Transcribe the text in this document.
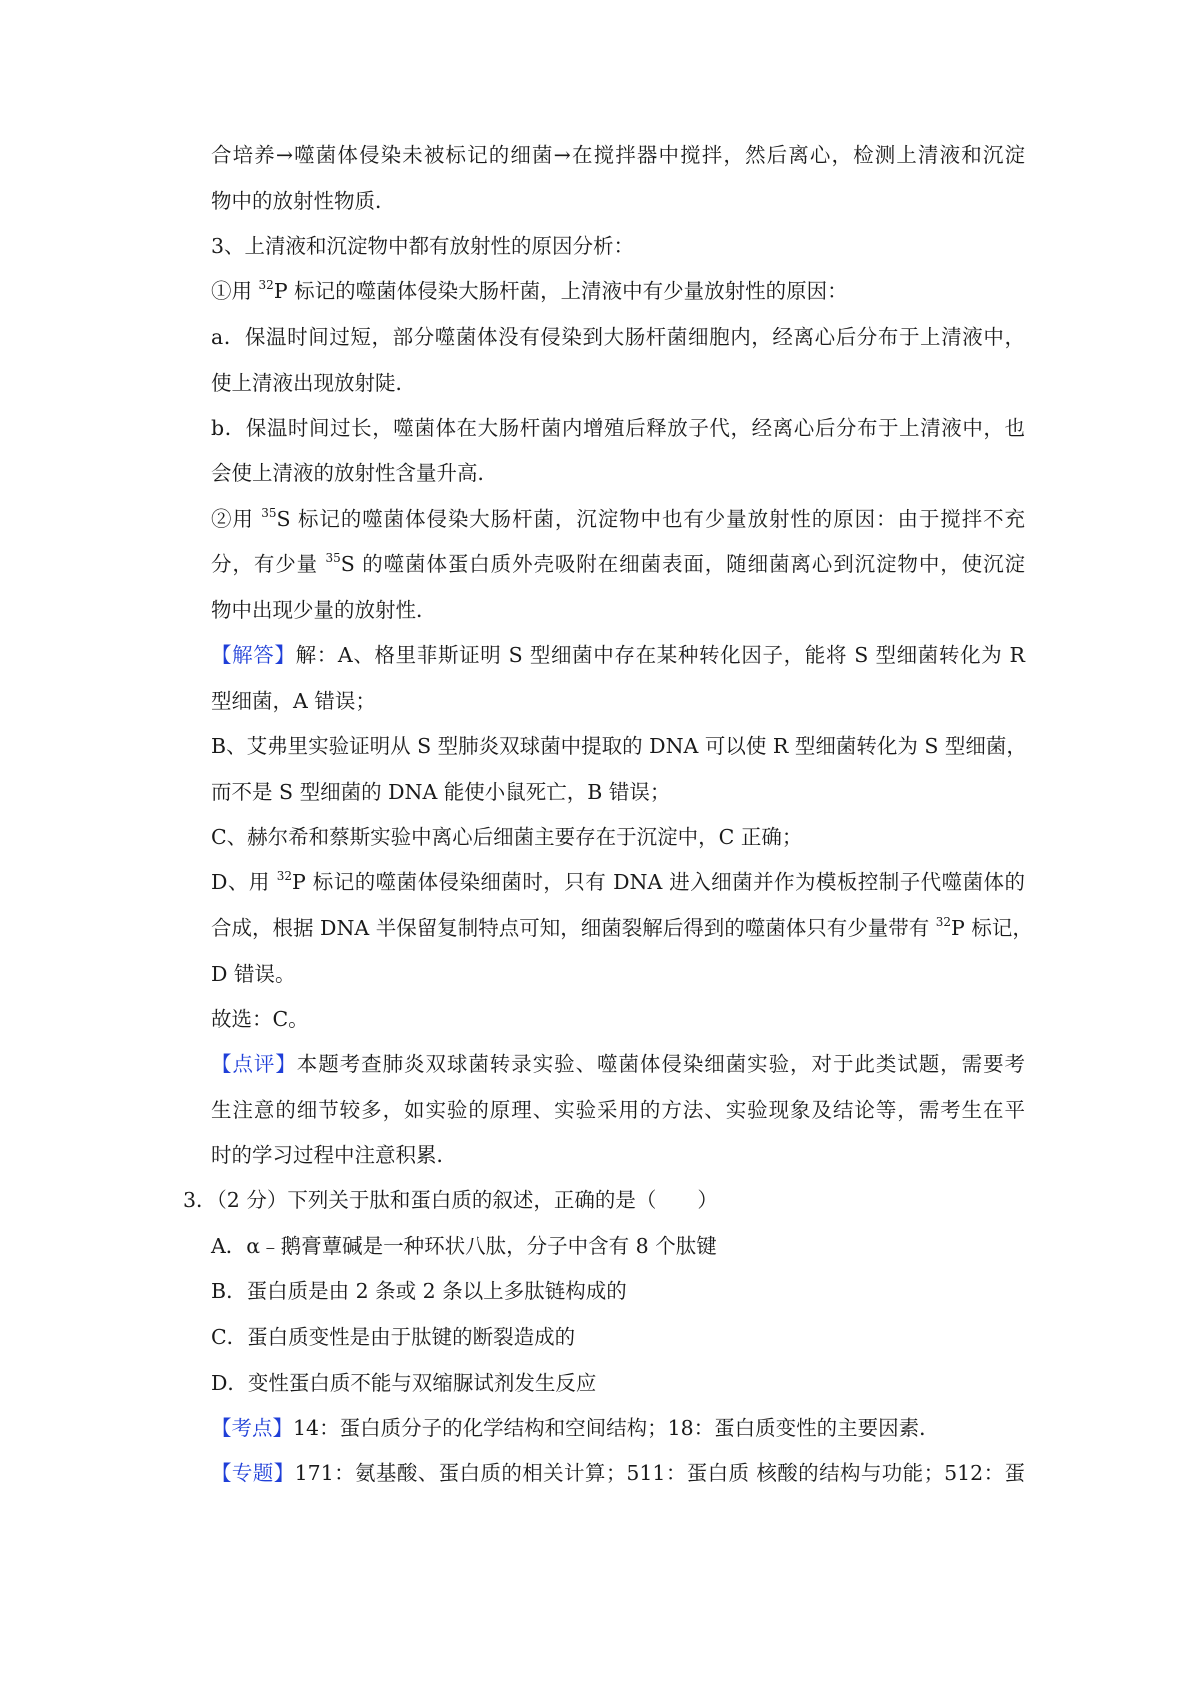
合培养→噬菌体侵染未被标记的细菌→在搅拌器中搅拌，然后离心，检测上清液和沉淀
物中的放射性物质．
3、上清液和沉淀物中都有放射性的原因分析：
①用 $^{32}$P 标记的噬菌体侵染大肠杆菌，上清液中有少量放射性的原因：
a．保温时间过短，部分噬菌体没有侵染到大肠杆菌细胞内，经离心后分布于上清液中，
使上清液出现放射陡．
b．保温时间过长，噬菌体在大肠杆菌内增殖后释放子代，经离心后分布于上清液中，也
会使上清液的放射性含量升高．
②用 $^{35}$S 标记的噬菌体侵染大肠杆菌，沉淀物中也有少量放射性的原因：由于搅拌不充
分，有少量 $^{35}$S 的噬菌体蛋白质外壳吸附在细菌表面，随细菌离心到沉淀物中，使沉淀
物中出现少量的放射性．
【解答】解：A、格里菲斯证明 S 型细菌中存在某种转化因子，能将 S 型细菌转化为 R
型细菌，A 错误；
B、艾弗里实验证明从 S 型肺炎双球菌中提取的 DNA 可以使 R 型细菌转化为 S 型细菌，
而不是 S 型细菌的 DNA 能使小鼠死亡，B 错误；
C、赫尔希和蔡斯实验中离心后细菌主要存在于沉淀中，C 正确；
D、用 $^{32}$P 标记的噬菌体侵染细菌时，只有 DNA 进入细菌并作为模板控制子代噬菌体的
合成，根据 DNA 半保留复制特点可知，细菌裂解后得到的噬菌体只有少量带有 $^{32}$P 标记，
D 错误。
故选：C。
【点评】本题考查肺炎双球菌转录实验、噬菌体侵染细菌实验，对于此类试题，需要考
生注意的细节较多，如实验的原理、实验采用的方法、实验现象及结论等，需考生在平
时的学习过程中注意积累．
3．（2 分）下列关于肽和蛋白质的叙述，正确的是（　　）
A．α﹣鹅膏蕈碱是一种环状八肽，分子中含有 8 个肽键
B．蛋白质是由 2 条或 2 条以上多肽链构成的
C．蛋白质变性是由于肽键的断裂造成的
D．变性蛋白质不能与双缩脲试剂发生反应
【考点】14：蛋白质分子的化学结构和空间结构；18：蛋白质变性的主要因素．
【专题】171：氨基酸、蛋白质的相关计算；511：蛋白质 核酸的结构与功能；512：蛋
